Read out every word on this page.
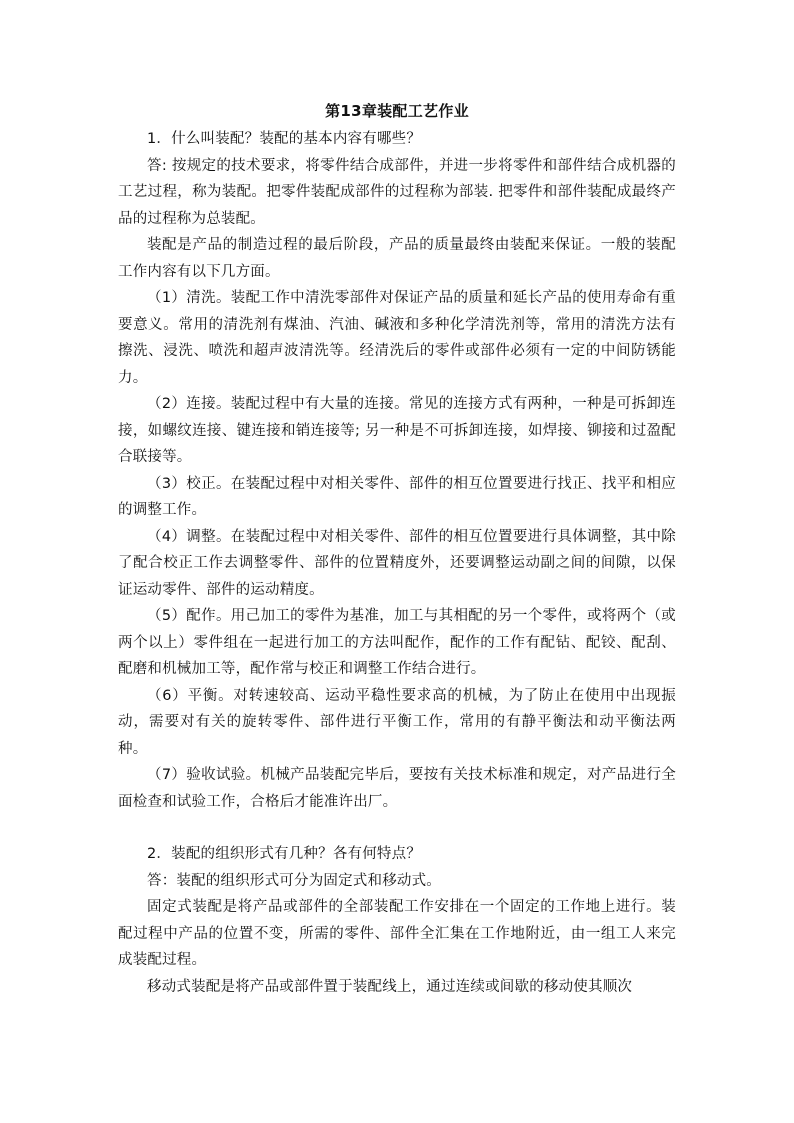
第13章装配工艺作业

1．什么叫装配？装配的基本内容有哪些？

答: 按规定的技术要求，将零件结合成部件，并进一步将零件和部件结合成机器的工艺过程，称为装配。把零件装配成部件的过程称为部装. 把零件和部件装配成最终产品的过程称为总装配。

装配是产品的制造过程的最后阶段，产品的质量最终由装配来保证。一般的装配工作内容有以下几方面。

（1）清洗。装配工作中清洗零部件对保证产品的质量和延长产品的使用寿命有重要意义。常用的清洗剂有煤油、汽油、碱液和多种化学清洗剂等，常用的清洗方法有擦洗、浸洗、喷洗和超声波清洗等。经清洗后的零件或部件必须有一定的中间防锈能力。

（2）连接。装配过程中有大量的连接。常见的连接方式有两种，一种是可拆卸连接，如螺纹连接、键连接和销连接等; 另一种是不可拆卸连接，如焊接、铆接和过盈配合联接等。

（3）校正。在装配过程中对相关零件、部件的相互位置要进行找正、找平和相应的调整工作。

（4）调整。在装配过程中对相关零件、部件的相互位置要进行具体调整，其中除了配合校正工作去调整零件、部件的位置精度外，还要调整运动副之间的间隙，以保证运动零件、部件的运动精度。

（5）配作。用己加工的零件为基准，加工与其相配的另一个零件，或将两个（或两个以上）零件组在一起进行加工的方法叫配作，配作的工作有配钻、配铰、配刮、配磨和机械加工等，配作常与校正和调整工作结合进行。

（6）平衡。对转速较高、运动平稳性要求高的机械，为了防止在使用中出现振动，需要对有关的旋转零件、部件进行平衡工作，常用的有静平衡法和动平衡法两种。

（7）验收试验。机械产品装配完毕后，要按有关技术标准和规定，对产品进行全面检查和试验工作，合格后才能准许出厂。

2．装配的组织形式有几种？各有何特点？

答：装配的组织形式可分为固定式和移动式。

固定式装配是将产品或部件的全部装配工作安排在一个固定的工作地上进行。装配过程中产品的位置不变，所需的零件、部件全汇集在工作地附近，由一组工人来完成装配过程。

移动式装配是将产品或部件置于装配线上，通过连续或间歇的移动使其顺次
